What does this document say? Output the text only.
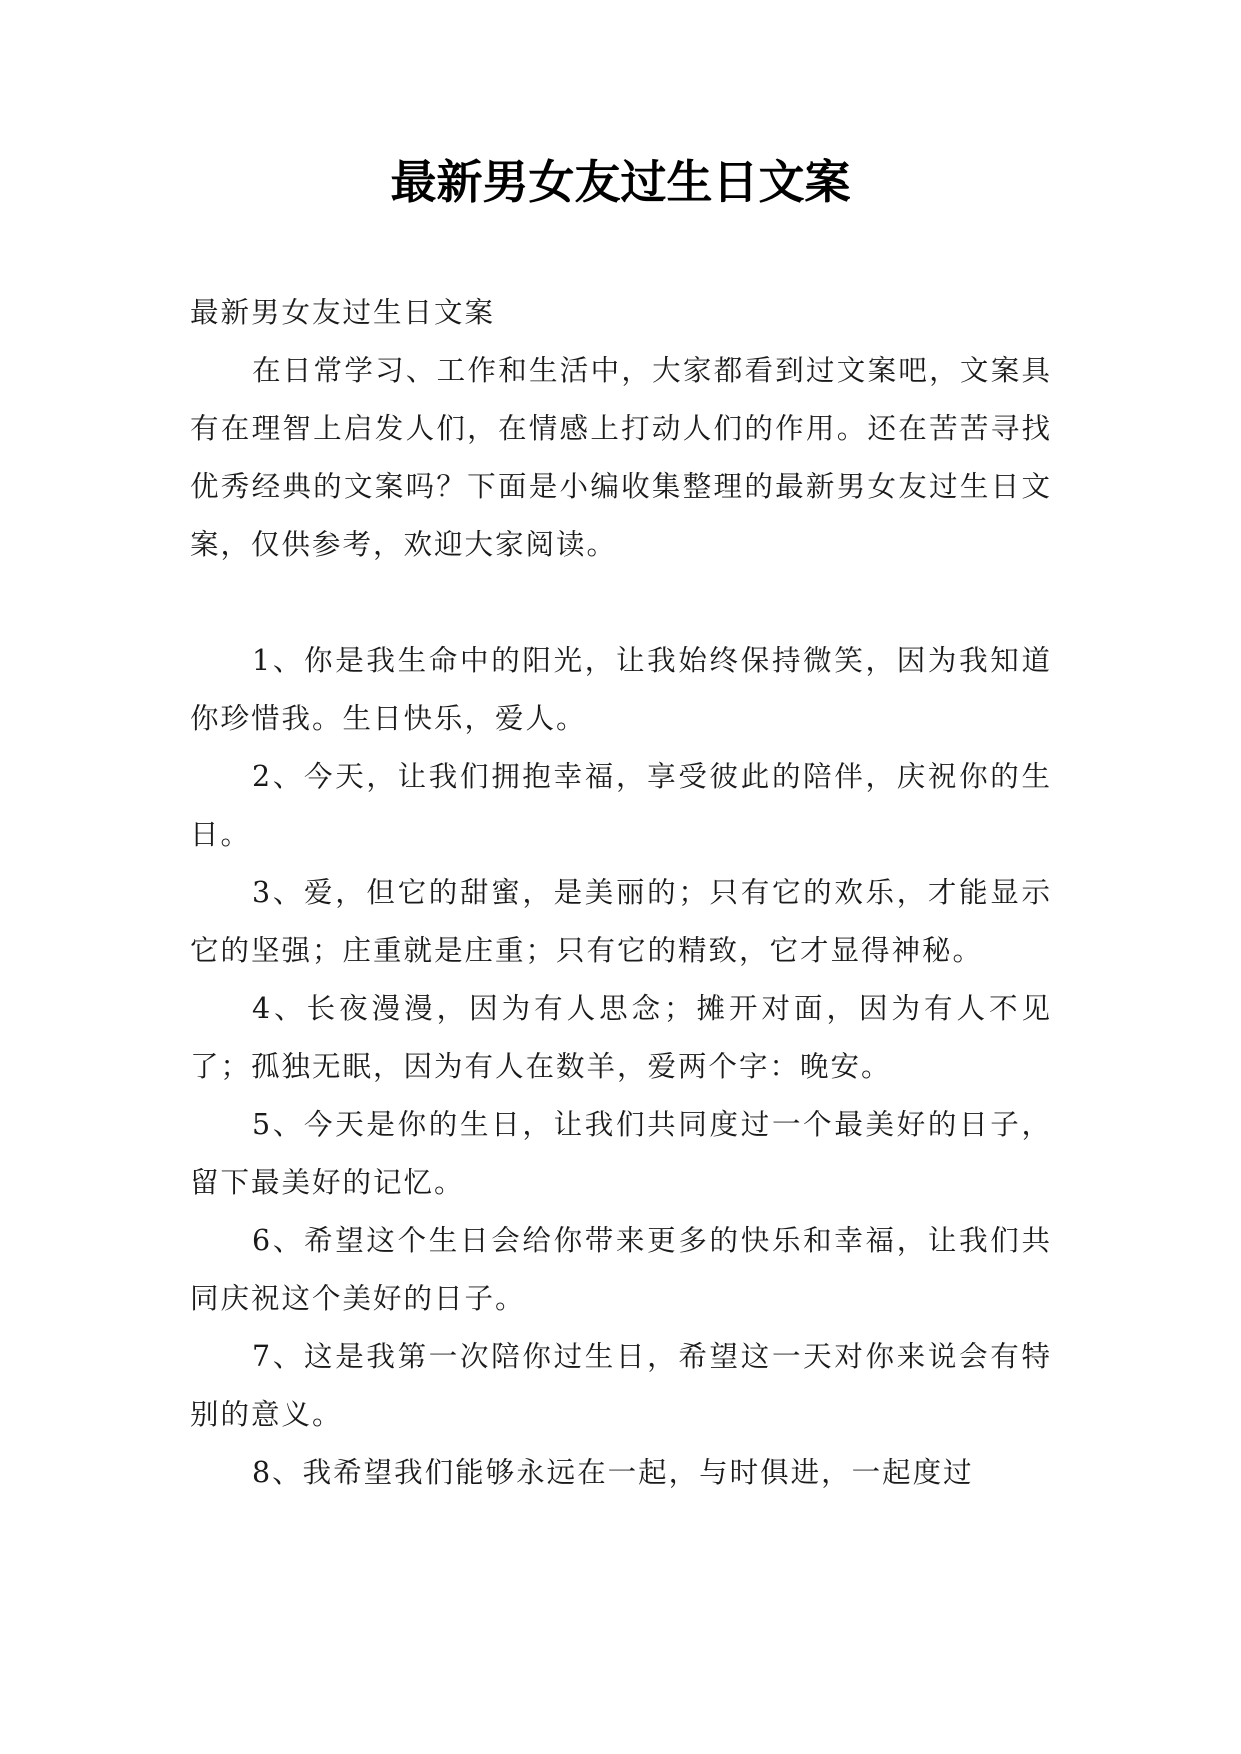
最新男女友过生日文案

最新男女友过生日文案

在日常学习、工作和生活中，大家都看到过文案吧，文案具有在理智上启发人们，在情感上打动人们的作用。还在苦苦寻找优秀经典的文案吗？下面是小编收集整理的最新男女友过生日文案，仅供参考，欢迎大家阅读。

1、你是我生命中的阳光，让我始终保持微笑，因为我知道你珍惜我。生日快乐，爱人。

2、今天，让我们拥抱幸福，享受彼此的陪伴，庆祝你的生日。

3、爱，但它的甜蜜，是美丽的；只有它的欢乐，才能显示它的坚强；庄重就是庄重；只有它的精致，它才显得神秘。

4、长夜漫漫，因为有人思念；摊开对面，因为有人不见了；孤独无眠，因为有人在数羊，爱两个字：晚安。

5、今天是你的生日，让我们共同度过一个最美好的日子，留下最美好的记忆。

6、希望这个生日会给你带来更多的快乐和幸福，让我们共同庆祝这个美好的日子。

7、这是我第一次陪你过生日，希望这一天对你来说会有特别的意义。

8、我希望我们能够永远在一起，与时俱进，一起度过
